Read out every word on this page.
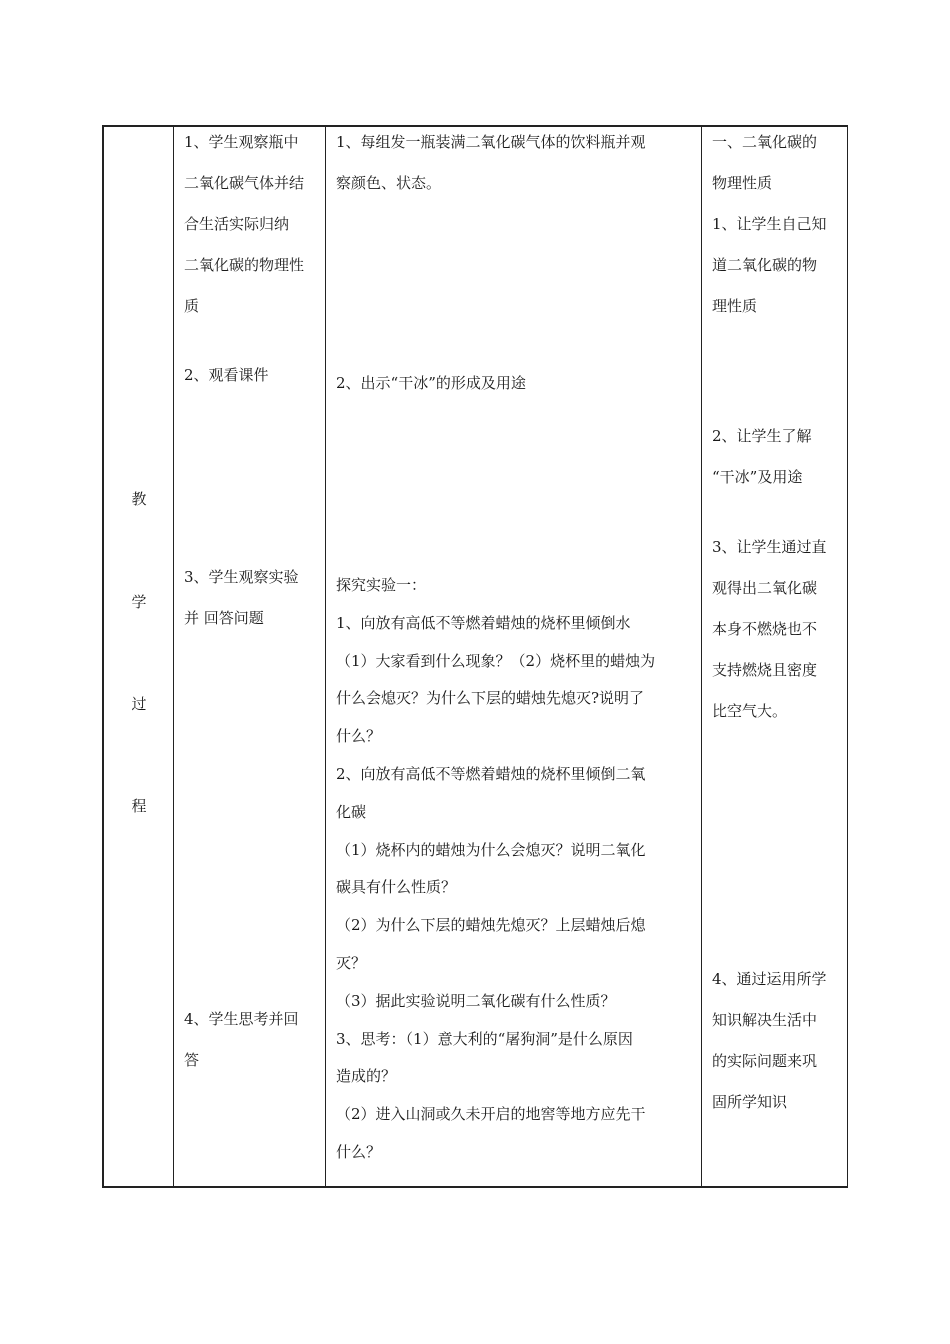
教
学
过
程
1、学生观察瓶中
二氧化碳气体并结
合生活实际归纳
二氧化碳的物理性
质
2、观看课件
3、学生观察实验
并 回答问题
4、学生思考并回
答
1、每组发一瓶装满二氧化碳气体的饮料瓶并观
察颜色、状态。
2、出示“干冰”的形成及用途
探究实验一：
1、向放有高低不等燃着蜡烛的烧杯里倾倒水
（1）大家看到什么现象？（2）烧杯里的蜡烛为
什么会熄灭？为什么下层的蜡烛先熄灭?说明了
什么？
2、向放有高低不等燃着蜡烛的烧杯里倾倒二氧
化碳
（1）烧杯内的蜡烛为什么会熄灭？说明二氧化
碳具有什么性质？
（2）为什么下层的蜡烛先熄灭？上层蜡烛后熄
灭？
（3）据此实验说明二氧化碳有什么性质？
3、思考：（1）意大利的“屠狗洞”是什么原因
造成的？
（2）进入山洞或久未开启的地窖等地方应先干
什么？
一、二氧化碳的
物理性质
1、让学生自己知
道二氧化碳的物
理性质
2、让学生了解
“干冰”及用途
3、让学生通过直
观得出二氧化碳
本身不燃烧也不
支持燃烧且密度
比空气大。
4、通过运用所学
知识解决生活中
的实际问题来巩
固所学知识
